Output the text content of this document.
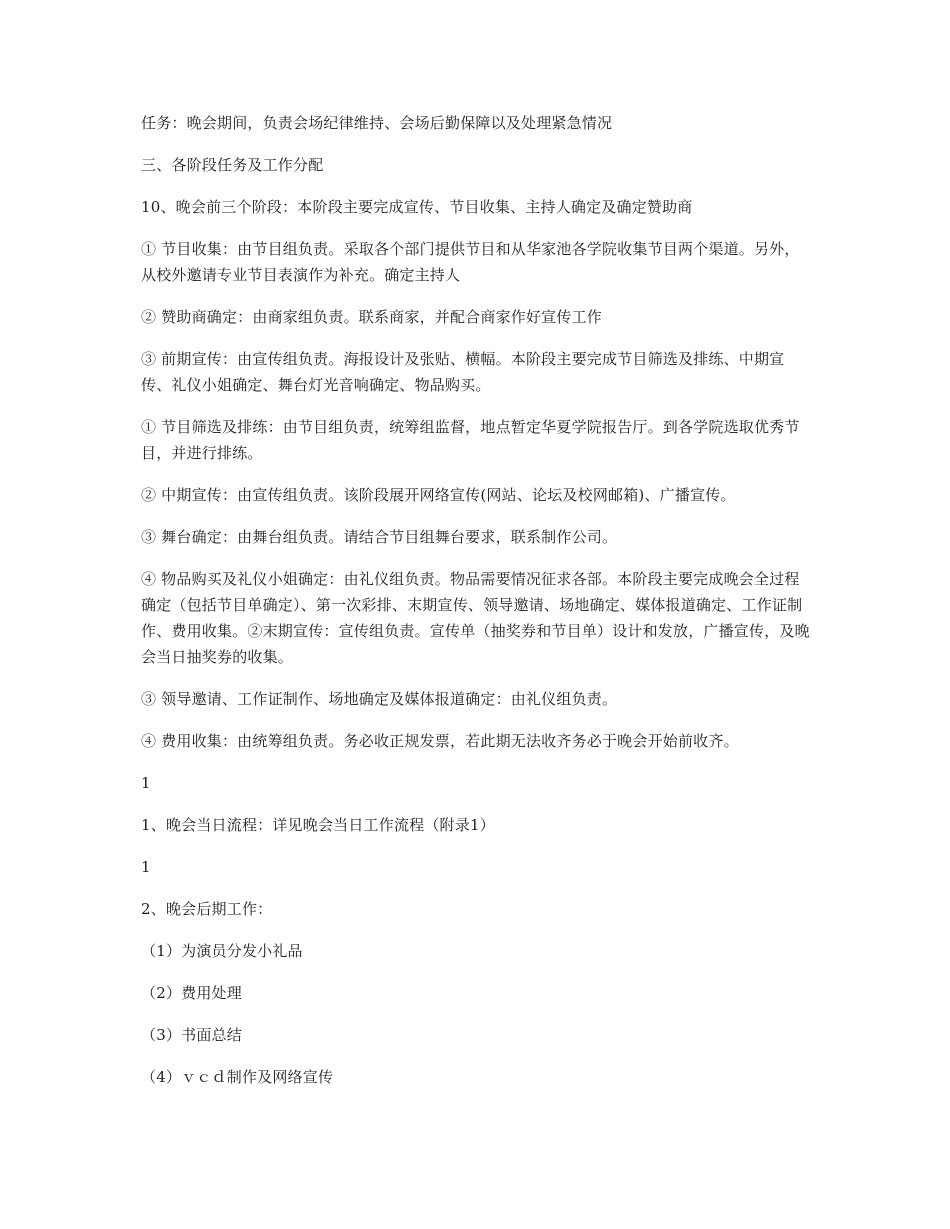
任务：晚会期间，负责会场纪律维持、会场后勤保障以及处理紧急情况

三、各阶段任务及工作分配

10、晚会前三个阶段：本阶段主要完成宣传、节目收集、主持人确定及确定赞助商

① 节目收集：由节目组负责。采取各个部门提供节目和从华家池各学院收集节目两个渠道。另外，从校外邀请专业节目表演作为补充。确定主持人

② 赞助商确定：由商家组负责。联系商家，并配合商家作好宣传工作

③ 前期宣传：由宣传组负责。海报设计及张贴、横幅。本阶段主要完成节目筛选及排练、中期宣传、礼仪小姐确定、舞台灯光音响确定、物品购买。

① 节目筛选及排练：由节目组负责，统筹组监督，地点暂定华夏学院报告厅。到各学院选取优秀节目，并进行排练。

② 中期宣传：由宣传组负责。该阶段展开网络宣传(网站、论坛及校网邮箱)、广播宣传。

③ 舞台确定：由舞台组负责。请结合节目组舞台要求，联系制作公司。

④ 物品购买及礼仪小姐确定：由礼仪组负责。物品需要情况征求各部。本阶段主要完成晚会全过程确定（包括节目单确定）、第一次彩排、末期宣传、领导邀请、场地确定、媒体报道确定、工作证制作、费用收集。②末期宣传：宣传组负责。宣传单（抽奖券和节目单）设计和发放，广播宣传，及晚会当日抽奖券的收集。

③ 领导邀请、工作证制作、场地确定及媒体报道确定：由礼仪组负责。

④ 费用收集：由统筹组负责。务必收正规发票，若此期无法收齐务必于晚会开始前收齐。

1

1、晚会当日流程：详见晚会当日工作流程（附录1）

1

2、晚会后期工作：

（1）为演员分发小礼品

（2）费用处理

（3）书面总结

（4）ｖｃｄ制作及网络宣传
